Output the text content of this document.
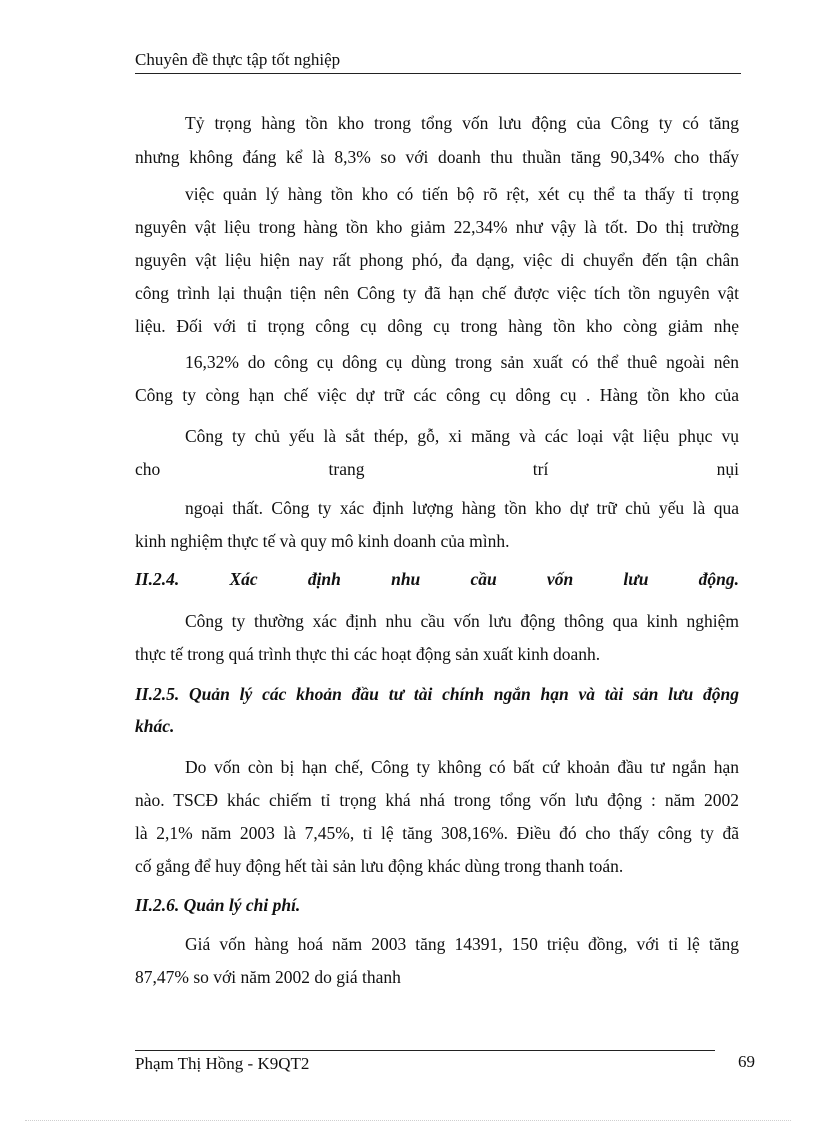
Chuyên đề thực tập tốt nghiệp
Tỷ trọng hàng tồn kho trong tổng vốn lưu động của Công ty có tăng
nhưng không đáng kể là 8,3% so với doanh thu thuần tăng 90,34% cho thấy
việc quản lý hàng tồn kho có tiến bộ rõ rệt, xét cụ thể ta thấy tỉ trọng
nguyên vật liệu trong hàng tồn kho giảm 22,34% như vậy là tốt. Do thị trường
nguyên vật liệu hiện nay rất phong phó, đa dạng, việc di chuyển đến tận chân
công trình lại thuận tiện nên Công ty đã hạn chế được việc tích tồn nguyên vật
liệu. Đối với tỉ trọng công cụ dông cụ trong hàng tồn kho còng giảm nhẹ
16,32% do công cụ dông cụ dùng trong sản xuất có thể thuê ngoài nên
Công ty còng hạn chế việc dự trữ các công cụ dông cụ . Hàng tồn kho của
Công ty chủ yếu là sắt thép, gỗ, xi măng và các loại vật liệu phục vụ
cho trang trí nụi
ngoại thất. Công ty xác định lượng hàng tồn kho dự trữ chủ yếu là qua
kinh nghiệm thực tế và quy mô kinh doanh của mình.
II.2.4. Xác định nhu cầu vốn lưu động.
Công ty thường xác định nhu cầu vốn lưu động thông qua kinh nghiệm
thực tế trong quá trình thực thi các hoạt động sản xuất kinh doanh.
II.2.5. Quản lý các khoản đầu tư tài chính ngắn hạn và tài sản lưu động
khác.
Do vốn còn bị hạn chế, Công ty không có bất cứ khoản đầu tư ngắn hạn
nào. TSCĐ khác chiếm tỉ trọng khá nhá trong tổng vốn lưu động : năm 2002
là 2,1% năm 2003 là 7,45%, tỉ lệ tăng 308,16%. Điều đó cho thấy công ty đã
cố gắng để huy động hết tài sản lưu động khác dùng trong thanh toán.
II.2.6. Quản lý chi phí.
Giá vốn hàng hoá năm 2003 tăng 14391, 150 triệu đồng, với tỉ lệ tăng
87,47% so với năm 2002 do giá thanh
Phạm Thị Hồng - K9QT2	69
